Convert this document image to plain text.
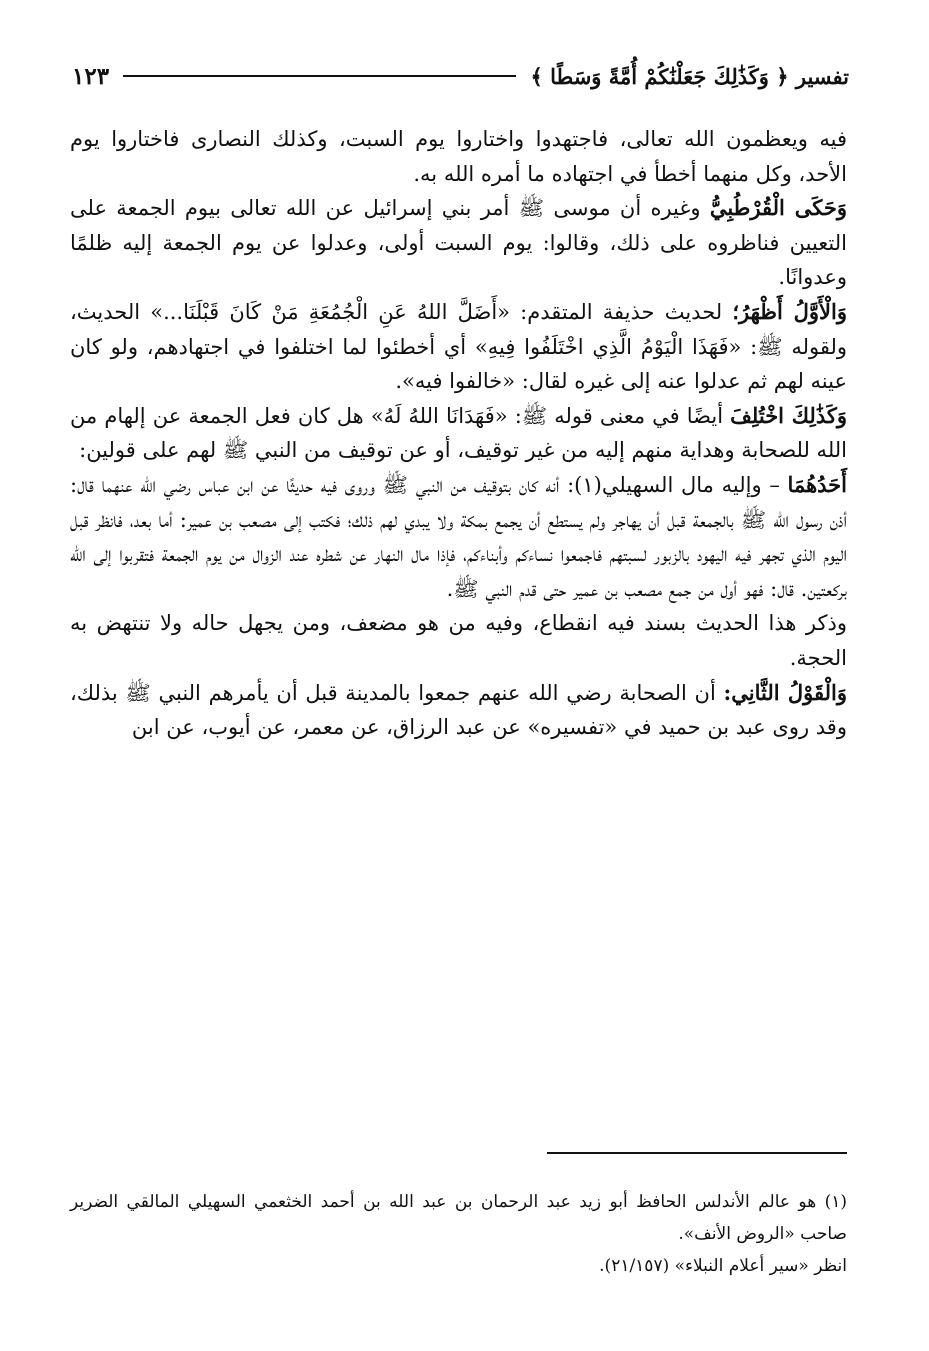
تفسير ﴿ وَكَذَٰلِكَ جَعَلْنَٰكُمْ أُمَّةً وَسَطًا ﴾
١٢٣

فيه ويعظمون الله تعالى، فاجتهدوا واختاروا يوم السبت، وكذلك النصارى فاختاروا يوم الأحد، وكل منهما أخطأ في اجتهاده ما أمره الله به.

وَحَكَى الْقُرْطُبِيُّ وغيره أن موسى ﷺ أمر بني إسرائيل عن الله تعالى بيوم الجمعة على التعيين فناظروه على ذلك، وقالوا: يوم السبت أولى، وعدلوا عن يوم الجمعة إليه ظلمًا وعدوانًا.

وَالْأَوَّلُ أَظْهَرُ؛ لحديث حذيفة المتقدم: «أَضَلَّ اللهُ عَنِ الْجُمُعَةِ مَنْ كَانَ قَبْلَنَا...» الحديث، ولقوله ﷺ: «فَهَذَا الْيَوْمُ الَّذِي اخْتَلَفُوا فِيهِ» أي أخطئوا لما اختلفوا في اجتهادهم، ولو كان عينه لهم ثم عدلوا عنه إلى غيره لقال: «خالفوا فيه».

وَكَذَٰلِكَ اخْتُلِفَ أيضًا في معنى قوله ﷺ: «فَهَدَانَا اللهُ لَهُ» هل كان فعل الجمعة عن إلهام من الله للصحابة وهداية منهم إليه من غير توقيف، أو عن توقيف من النبي ﷺ لهم على قولين:

أَحَدُهُمَا – وإليه مال السهيلي(١): أنه كان بتوقيف من النبي ﷺ وروى فيه حديثًا عن ابن عباس رضي الله عنهما قال: أذن رسول الله ﷺ بالجمعة قبل أن يهاجر ولم يستطع أن يجمع بمكة ولا يبدي لهم ذلك؛ فكتب إلى مصعب بن عمير: أما بعد، فانظر قبل اليوم الذي تجهر فيه اليهود بالزبور لسبتهم فاجمعوا نساءكم وأبناءكم، فإذا مال النهار عن شطره عند الزوال من يوم الجمعة فتقربوا إلى الله بركعتين. قال: فهو أول من جمع مصعب بن عمير حتى قدم النبي ﷺ.

وذكر هذا الحديث بسند فيه انقطاع، وفيه من هو مضعف، ومن يجهل حاله ولا تنتهض به الحجة.

وَالْقَوْلُ الثَّانِي: أن الصحابة رضي الله عنهم جمعوا بالمدينة قبل أن يأمرهم النبي ﷺ بذلك، وقد روى عبد بن حميد في «تفسيره» عن عبد الرزاق، عن معمر، عن أيوب، عن ابن

(١) هو عالم الأندلس الحافظ أبو زيد عبد الرحمان بن عبد الله بن أحمد الخثعمي السهيلي المالقي الضرير صاحب «الروض الأنف».

انظر «سير أعلام النبلاء» (٢١/١٥٧).
